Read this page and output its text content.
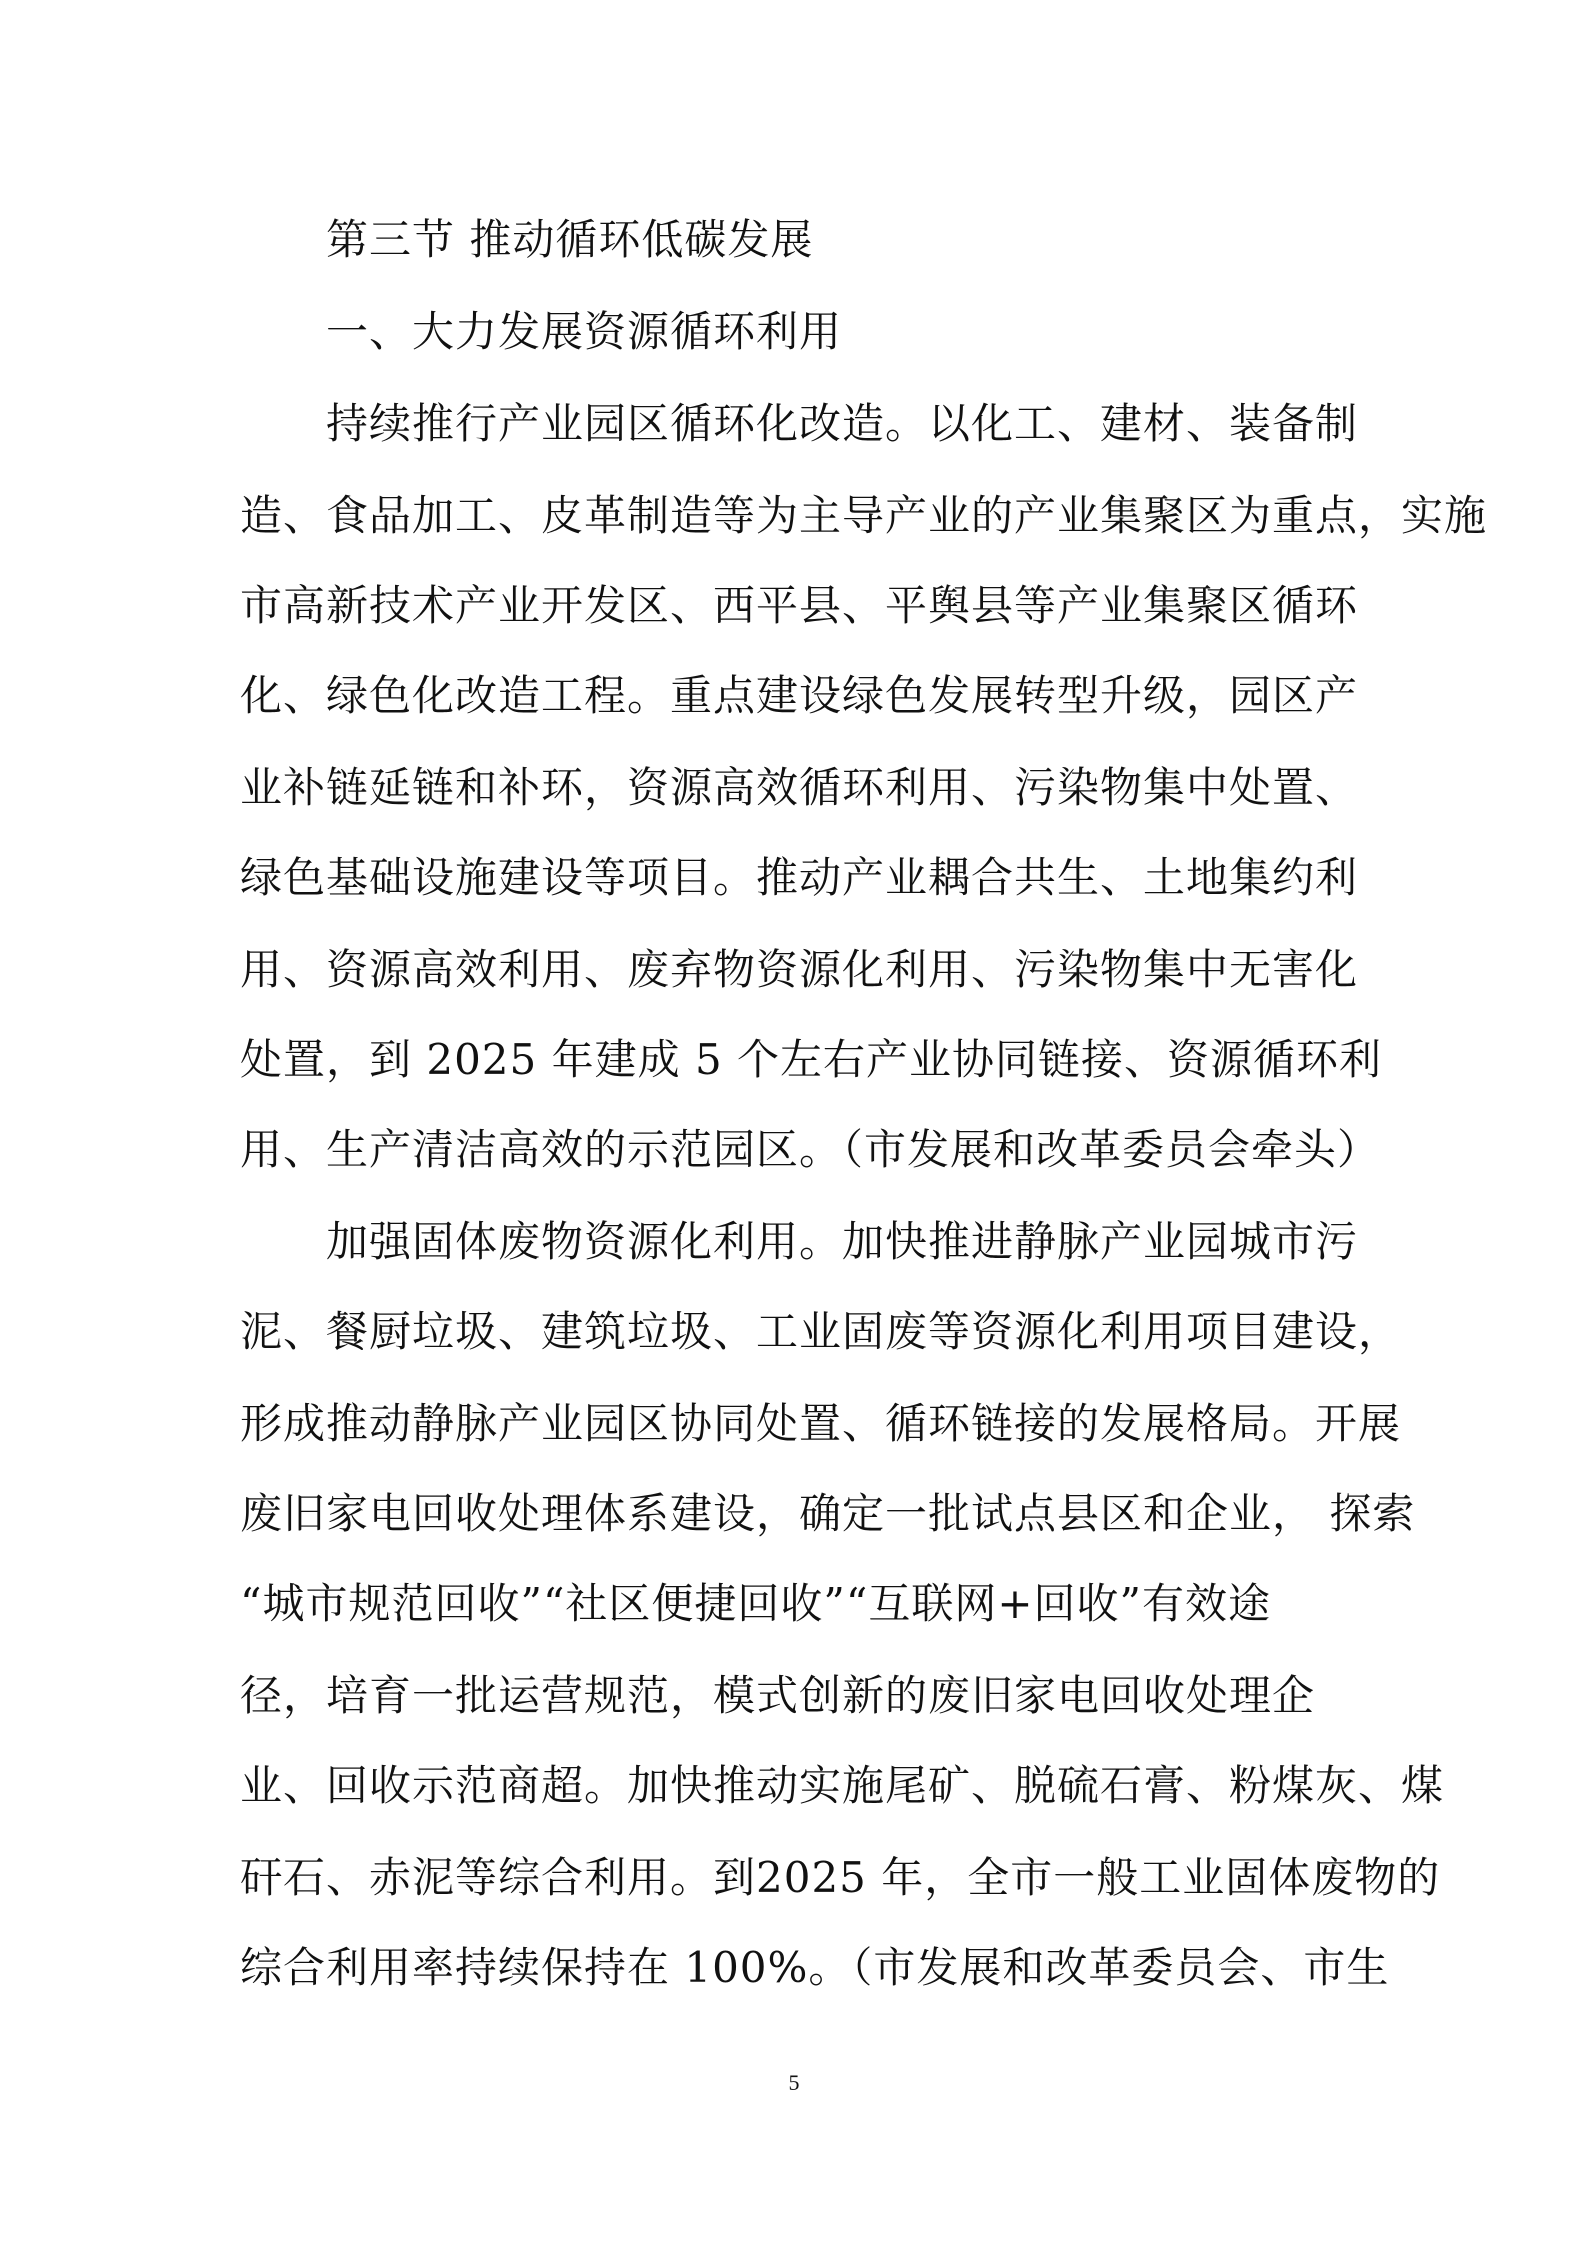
第三节 推动循环低碳发展
一、大力发展资源循环利用
持续推行产业园区循环化改造。以化工、建材、装备制
造、食品加工、皮革制造等为主导产业的产业集聚区为重点，实施
市高新技术产业开发区、西平县、平舆县等产业集聚区循环
化、绿色化改造工程。重点建设绿色发展转型升级，园区产
业补链延链和补环，资源高效循环利用、污染物集中处置、
绿色基础设施建设等项目。推动产业耦合共生、土地集约利
用、资源高效利用、废弃物资源化利用、污染物集中无害化
处置，到 2025 年建成 5 个左右产业协同链接、资源循环利
用、生产清洁高效的示范园区。（市发展和改革委员会牵头）
加强固体废物资源化利用。加快推进静脉产业园城市污
泥、餐厨垃圾、建筑垃圾、工业固废等资源化利用项目建设，
形成推动静脉产业园区协同处置、循环链接的发展格局。开展
废旧家电回收处理体系建设，确定一批试点县区和企业， 探索
“城市规范回收”“社区便捷回收”“互联网+回收”有效途
径，培育一批运营规范，模式创新的废旧家电回收处理企
业、回收示范商超。加快推动实施尾矿、脱硫石膏、粉煤灰、煤
矸石、赤泥等综合利用。到2025 年，全市一般工业固体废物的
综合利用率持续保持在 100%。（市发展和改革委员会、市生
5
